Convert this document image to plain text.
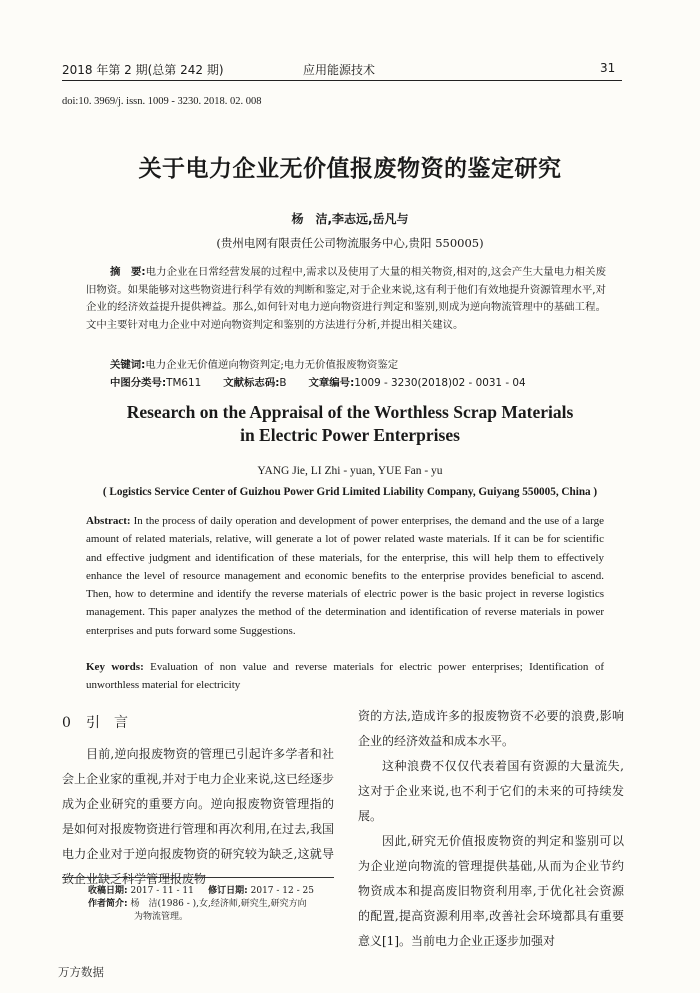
2018 年第 2 期(总第 242 期)	应用能源技术	31
doi:10. 3969/j. issn. 1009 - 3230. 2018. 02. 008
关于电力企业无价值报废物资的鉴定研究
杨　洁,李志远,岳凡与
(贵州电网有限责任公司物流服务中心,贵阳 550005)
摘　要:电力企业在日常经营发展的过程中,需求以及使用了大量的相关物资,相对的,这会产生大量电力相关废旧物资。如果能够对这些物资进行科学有效的判断和鉴定,对于企业来说,这有利于他们有效地提升资源管理水平,对企业的经济效益提升提供裨益。那么,如何针对电力逆向物资进行判定和鉴别,则成为逆向物流管理中的基础工程。文中主要针对电力企业中对逆向物资判定和鉴别的方法进行分析,并提出相关建议。
关键词:电力企业无价值逆向物资判定;电力无价值报废物资鉴定
中图分类号:TM611 文献标志码:B 文章编号:1009 - 3230(2018)02 - 0031 - 04
Research on the Appraisal of the Worthless Scrap Materials
in Electric Power Enterprises
YANG Jie, LI Zhi - yuan, YUE Fan - yu
( Logistics Service Center of Guizhou Power Grid Limited Liability Company, Guiyang 550005, China )
Abstract: In the process of daily operation and development of power enterprises, the demand and the use of a large amount of related materials, relative, will generate a lot of power related waste materials. If it can be for scientific and effective judgment and identification of these materials, for the enterprise, this will help them to effectively enhance the level of resource management and economic benefits to the enterprise provides beneficial to ascend. Then, how to determine and identify the reverse materials of electric power is the basic project in reverse logistics management. This paper analyzes the method of the determination and identification of reverse materials in power enterprises and puts forward some Suggestions.
Key words: Evaluation of non value and reverse materials for electric power enterprises; Identification of unworthless material for electricity
0 引言

目前,逆向报废物资的管理已引起许多学者和社会上企业家的重视,并对于电力企业来说,这已经逐步成为企业研究的重要方向。逆向报废物资管理指的是如何对报废物资进行管理和再次利用,在过去,我国电力企业对于逆向报废物资的研究较为缺乏,这就导致企业缺乏科学管理报废物

资的方法,造成许多的报废物资不必要的浪费,影响企业的经济效益和成本水平。

这种浪费不仅仅代表着国有资源的大量流失,这对于企业来说,也不利于它们的未来的可持续发展。

因此,研究无价值报废物资的判定和鉴别可以为企业逆向物流的管理提供基础,从而为企业节约物资成本和提高废旧物资利用率,于优化社会资源的配置,提高资源利用率,改善社会环境都具有重要意义[1]。当前电力企业正逐步加强对

收稿日期: 2017 - 11 - 11 修订日期: 2017 - 12 - 25
作者简介: 杨　洁(1986 - ),女,经济师,研究生,研究方向
为物流管理。
万方数据
